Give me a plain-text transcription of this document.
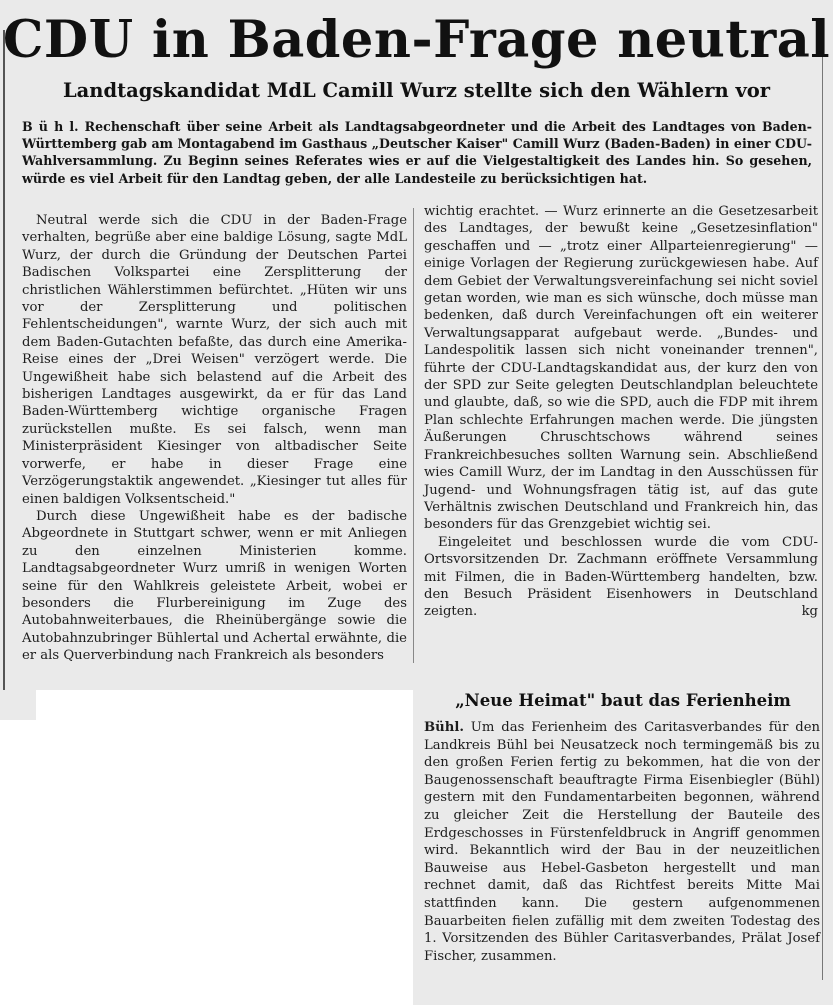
CDU in Baden-Frage neutral
Landtagskandidat MdL Camill Wurz stellte sich den Wählern vor
B ü h l. Rechenschaft über seine Arbeit als Landtagsabgeordneter und die Arbeit des Landtages von Baden-Württemberg gab am Montagabend im Gasthaus „Deutscher Kaiser" Camill Wurz (Baden-Baden) in einer CDU-Wahlversammlung. Zu Beginn seines Referates wies er auf die Vielgestaltigkeit des Landes hin. So gesehen, würde es viel Arbeit für den Landtag geben, der alle Landesteile zu berücksichtigen hat.

Neutral werde sich die CDU in der Baden-Frage verhalten, begrüße aber eine baldige Lösung, sagte MdL Wurz, der durch die Gründung der Deutschen Partei Badischen Volkspartei eine Zersplitterung der christlichen Wählerstimmen befürchtet. „Hüten wir uns vor der Zersplitterung und politischen Fehlentscheidungen", warnte Wurz, der sich auch mit dem Baden-Gutachten befaßte, das durch eine Amerika-Reise eines der „Drei Weisen" verzögert werde. Die Ungewißheit habe sich belastend auf die Arbeit des bisherigen Landtages ausgewirkt, da er für das Land Baden-Württemberg wichtige organische Fragen zurückstellen mußte. Es sei falsch, wenn man Ministerpräsident Kiesinger von altbadischer Seite vorwerfe, er habe in dieser Frage eine Verzögerungstaktik angewendet. „Kiesinger tut alles für einen baldigen Volksentscheid."

Durch diese Ungewißheit habe es der badische Abgeordnete in Stuttgart schwer, wenn er mit Anliegen zu den einzelnen Ministerien komme. Landtagsabgeordneter Wurz umriß in wenigen Worten seine für den Wahlkreis geleistete Arbeit, wobei er besonders die Flurbereinigung im Zuge des Autobahnweiterbaues, die Rheinübergänge sowie die Autobahnzubringer Bühlertal und Achertal erwähnte, die er als Querverbindung nach Frankreich als besonders

wichtig erachtet. — Wurz erinnerte an die Gesetzesarbeit des Landtages, der bewußt keine „Gesetzesinflation" geschaffen und — „trotz einer Allparteienregierung" — einige Vorlagen der Regierung zurückgewiesen habe. Auf dem Gebiet der Verwaltungsvereinfachung sei nicht soviel getan worden, wie man es sich wünsche, doch müsse man bedenken, daß durch Vereinfachungen oft ein weiterer Verwaltungsapparat aufgebaut werde. „Bundes- und Landespolitik lassen sich nicht voneinander trennen", führte der CDU-Landtagskandidat aus, der kurz den von der SPD zur Seite gelegten Deutschlandplan beleuchtete und glaubte, daß, so wie die SPD, auch die FDP mit ihrem Plan schlechte Erfahrungen machen werde. Die jüngsten Äußerungen Chruschtschows während seines Frankreichbesuches sollten Warnung sein. Abschließend wies Camill Wurz, der im Landtag in den Ausschüssen für Jugend- und Wohnungsfragen tätig ist, auf das gute Verhältnis zwischen Deutschland und Frankreich hin, das besonders für das Grenzgebiet wichtig sei.

Eingeleitet und beschlossen wurde die vom CDU-Ortsvorsitzenden Dr. Zachmann eröffnete Versammlung mit Filmen, die in Baden-Württemberg handelten, bzw. den Besuch Präsident Eisenhowers in Deutschland zeigten.	kg

„Neue Heimat" baut das Ferienheim

Bühl. Um das Ferienheim des Caritasverbandes für den Landkreis Bühl bei Neusatzeck noch termingemäß bis zu den großen Ferien fertig zu bekommen, hat die von der Baugenossenschaft beauftragte Firma Eisenbiegler (Bühl) gestern mit den Fundamentarbeiten begonnen, während zu gleicher Zeit die Herstellung der Bauteile des Erdgeschosses in Fürstenfeldbruck in Angriff genommen wird. Bekanntlich wird der Bau in der neuzeitlichen Bauweise aus Hebel-Gasbeton hergestellt und man rechnet damit, daß das Richtfest bereits Mitte Mai stattfinden kann. Die gestern aufgenommenen Bauarbeiten fielen zufällig mit dem zweiten Todestag des 1. Vorsitzenden des Bühler Caritasverbandes, Prälat Josef Fischer, zusammen.
